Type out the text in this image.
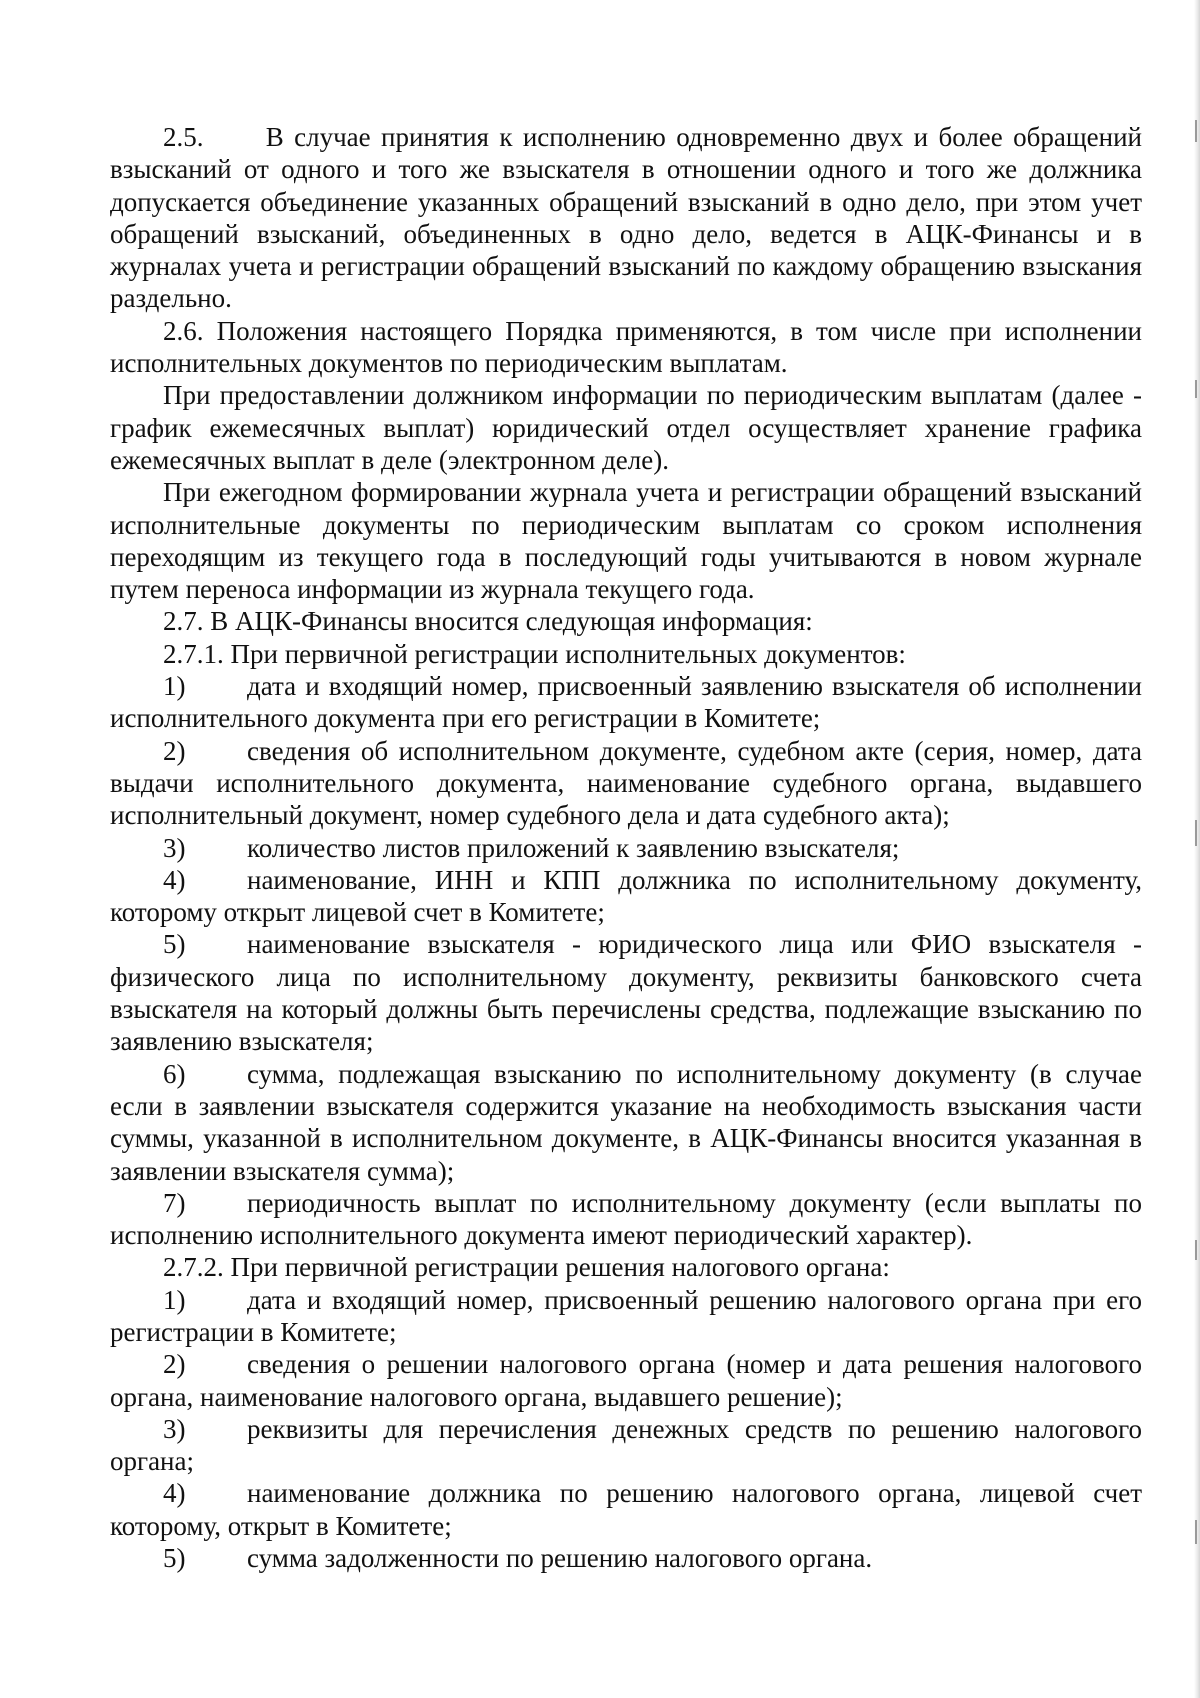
2.5.      В случае принятия к исполнению одновременно двух и более обращений взысканий от одного и того же взыскателя в отношении одного и того же должника допускается объединение указанных обращений взысканий в одно дело, при этом учет обращений взысканий, объединенных в одно дело, ведется в АЦК-Финансы и в журналах учета и регистрации обращений взысканий по каждому обращению взыскания раздельно.

2.6. Положения настоящего Порядка применяются, в том числе при исполнении исполнительных документов по периодическим выплатам.

При предоставлении должником информации по периодическим выплатам (далее - график ежемесячных выплат) юридический отдел осуществляет хранение графика ежемесячных выплат в деле (электронном деле).

При ежегодном формировании журнала учета и регистрации обращений взысканий исполнительные документы по периодическим выплатам со сроком исполнения переходящим из текущего года в последующий годы учитываются в новом журнале путем переноса информации из журнала текущего года.

2.7. В АЦК-Финансы вносится следующая информация:

2.7.1. При первичной регистрации исполнительных документов:

1) дата и входящий номер, присвоенный заявлению взыскателя об исполнении исполнительного документа при его регистрации в Комитете;

2) сведения об исполнительном документе, судебном акте (серия, номер, дата выдачи исполнительного документа, наименование судебного органа, выдавшего исполнительный документ, номер судебного дела и дата судебного акта);

3) количество листов приложений к заявлению взыскателя;

4) наименование, ИНН и КПП должника по исполнительному документу, которому открыт лицевой счет в Комитете;

5) наименование взыскателя - юридического лица или ФИО взыскателя - физического лица по исполнительному документу, реквизиты банковского счета взыскателя на который должны быть перечислены средства, подлежащие взысканию по заявлению взыскателя;

6) сумма, подлежащая взысканию по исполнительному документу (в случае если в заявлении взыскателя содержится указание на необходимость взыскания части суммы, указанной в исполнительном документе, в АЦК-Финансы вносится указанная в заявлении взыскателя сумма);

7) периодичность выплат по исполнительному документу (если выплаты по исполнению исполнительного документа имеют периодический характер).

2.7.2. При первичной регистрации решения налогового органа:

1) дата и входящий номер, присвоенный решению налогового органа при его регистрации в Комитете;

2) сведения о решении налогового органа (номер и дата решения налогового органа, наименование налогового органа, выдавшего решение);

3) реквизиты для перечисления денежных средств по решению налогового органа;

4) наименование должника по решению налогового органа, лицевой счет которому, открыт в Комитете;

5) сумма задолженности по решению налогового органа.
